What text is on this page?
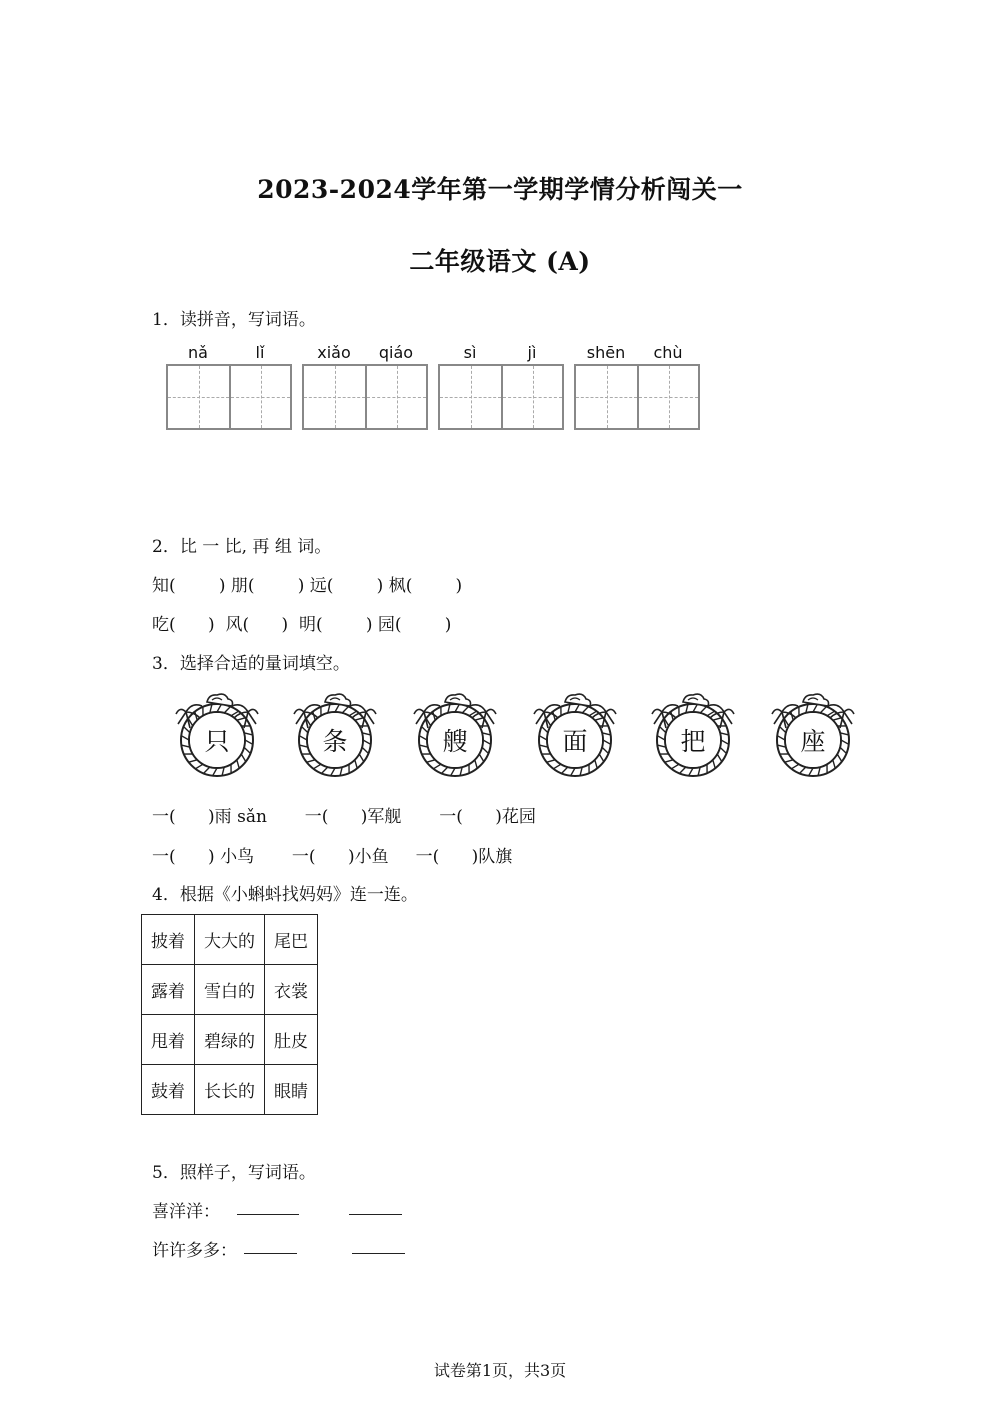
2023-2024学年第一学期学情分析闯关一
二年级语文 (A)
1．读拼音，写词语。
nǎ	lǐ	xiǎo	qiáo	sì	jì	shēn	chù
2．比 一 比, 再 组 词。
知(        ) 朋(        ) 远(        ) 枫(        )
吃(      )  风(      )  明(        ) 园(        )
3．选择合适的量词填空。
只	条	艘	面	把	座
一(      )雨 sǎn       一(      )军舰       一(      )花园
一(      ) 小鸟       一(      )小鱼     一(      )队旗
4．根据《小蝌蚪找妈妈》连一连。
披着	大大的	尾巴
露着	雪白的	衣裳
甩着	碧绿的	肚皮
鼓着	长长的	眼睛
5．照样子，写词语。
喜洋洋：
许许多多：
试卷第1页，共3页
